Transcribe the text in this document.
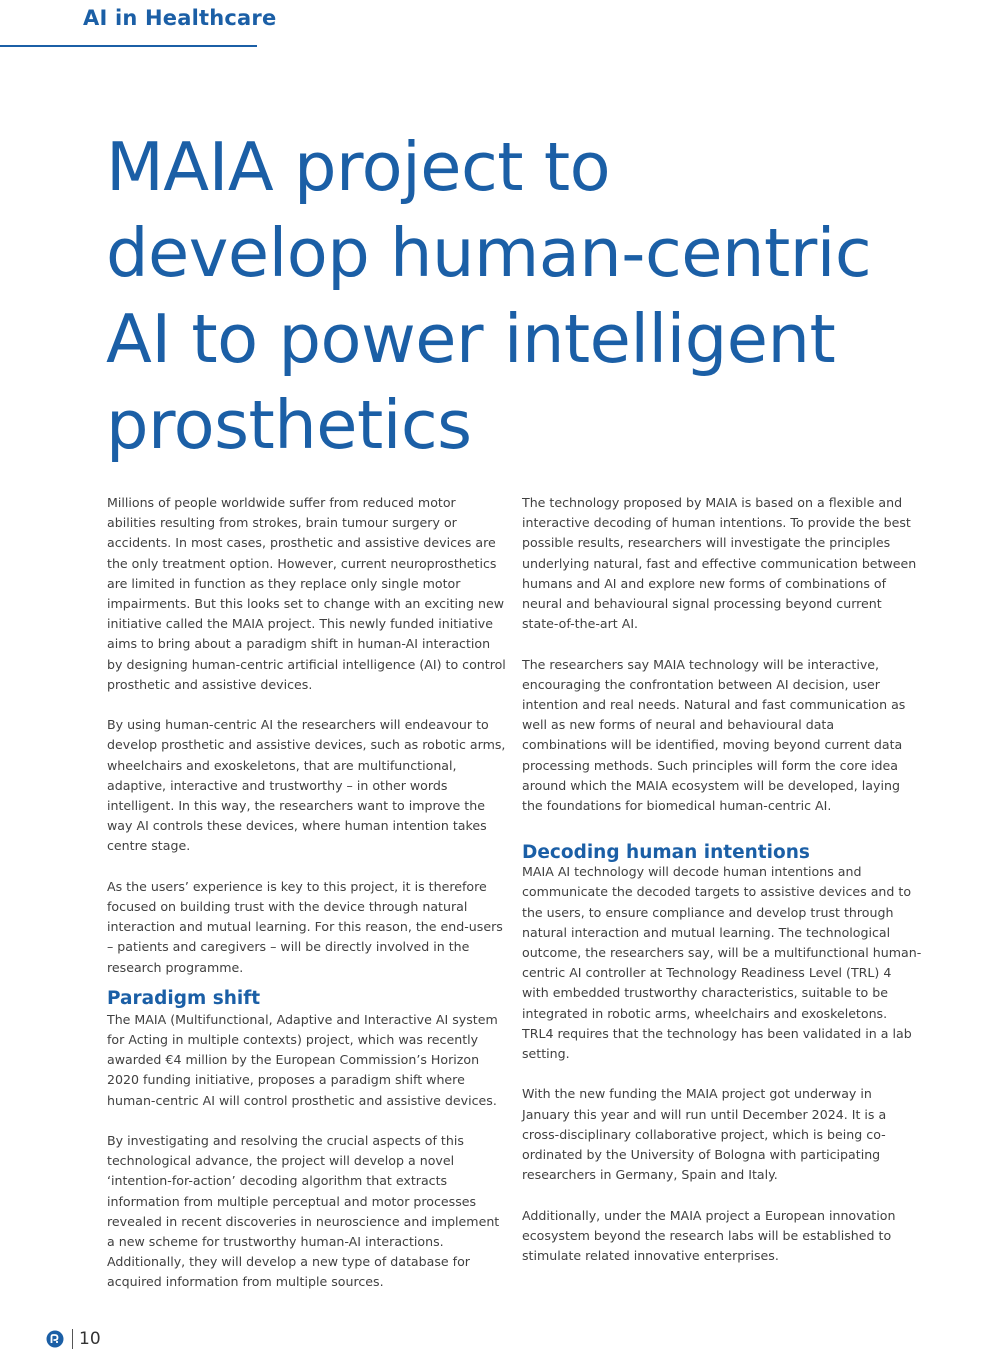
AI in Healthcare
MAIA project to
develop human-centric
AI to power intelligent
prosthetics

Millions of people worldwide suffer from reduced motor abilities resulting from strokes, brain tumour surgery or accidents. In most cases, prosthetic and assistive devices are the only treatment option. However, current neuroprosthetics are limited in function as they replace only single motor impairments. But this looks set to change with an exciting new initiative called the MAIA project. This newly funded initiative aims to bring about a paradigm shift in human-AI interaction by designing human-centric artificial intelligence (AI) to control prosthetic and assistive devices.

By using human-centric AI the researchers will endeavour to develop prosthetic and assistive devices, such as robotic arms, wheelchairs and exoskeletons, that are multifunctional, adaptive, interactive and trustworthy – in other words intelligent. In this way, the researchers want to improve the way AI controls these devices, where human intention takes centre stage.

As the users’ experience is key to this project, it is therefore focused on building trust with the device through natural interaction and mutual learning. For this reason, the end-users – patients and caregivers – will be directly involved in the research programme.

Paradigm shift

The MAIA (Multifunctional, Adaptive and Interactive AI system for Acting in multiple contexts) project, which was recently awarded €4 million by the European Commission’s Horizon 2020 funding initiative, proposes a paradigm shift where human-centric AI will control prosthetic and assistive devices.

By investigating and resolving the crucial aspects of this technological advance, the project will develop a novel ‘intention-for-action’ decoding algorithm that extracts information from multiple perceptual and motor processes revealed in recent discoveries in neuroscience and implement a new scheme for trustworthy human-AI interactions. Additionally, they will develop a new type of database for acquired information from multiple sources.

The technology proposed by MAIA is based on a flexible and interactive decoding of human intentions. To provide the best possible results, researchers will investigate the principles underlying natural, fast and effective communication between humans and AI and explore new forms of combinations of neural and behavioural signal processing beyond current state-of-the-art AI.

The researchers say MAIA technology will be interactive, encouraging the confrontation between AI decision, user intention and real needs. Natural and fast communication as well as new forms of neural and behavioural data combinations will be identified, moving beyond current data processing methods. Such principles will form the core idea around which the MAIA ecosystem will be developed, laying the foundations for biomedical human-centric AI.

Decoding human intentions

MAIA AI technology will decode human intentions and communicate the decoded targets to assistive devices and to the users, to ensure compliance and develop trust through natural interaction and mutual learning. The technological outcome, the researchers say, will be a multifunctional human-centric AI controller at Technology Readiness Level (TRL) 4 with embedded trustworthy characteristics, suitable to be integrated in robotic arms, wheelchairs and exoskeletons. TRL4 requires that the technology has been validated in a lab setting.

With the new funding the MAIA project got underway in January this year and will run until December 2024. It is a cross-disciplinary collaborative project, which is being co-ordinated by the University of Bologna with participating researchers in Germany, Spain and Italy.

Additionally, under the MAIA project a European innovation ecosystem beyond the research labs will be established to stimulate related innovative enterprises.

10
